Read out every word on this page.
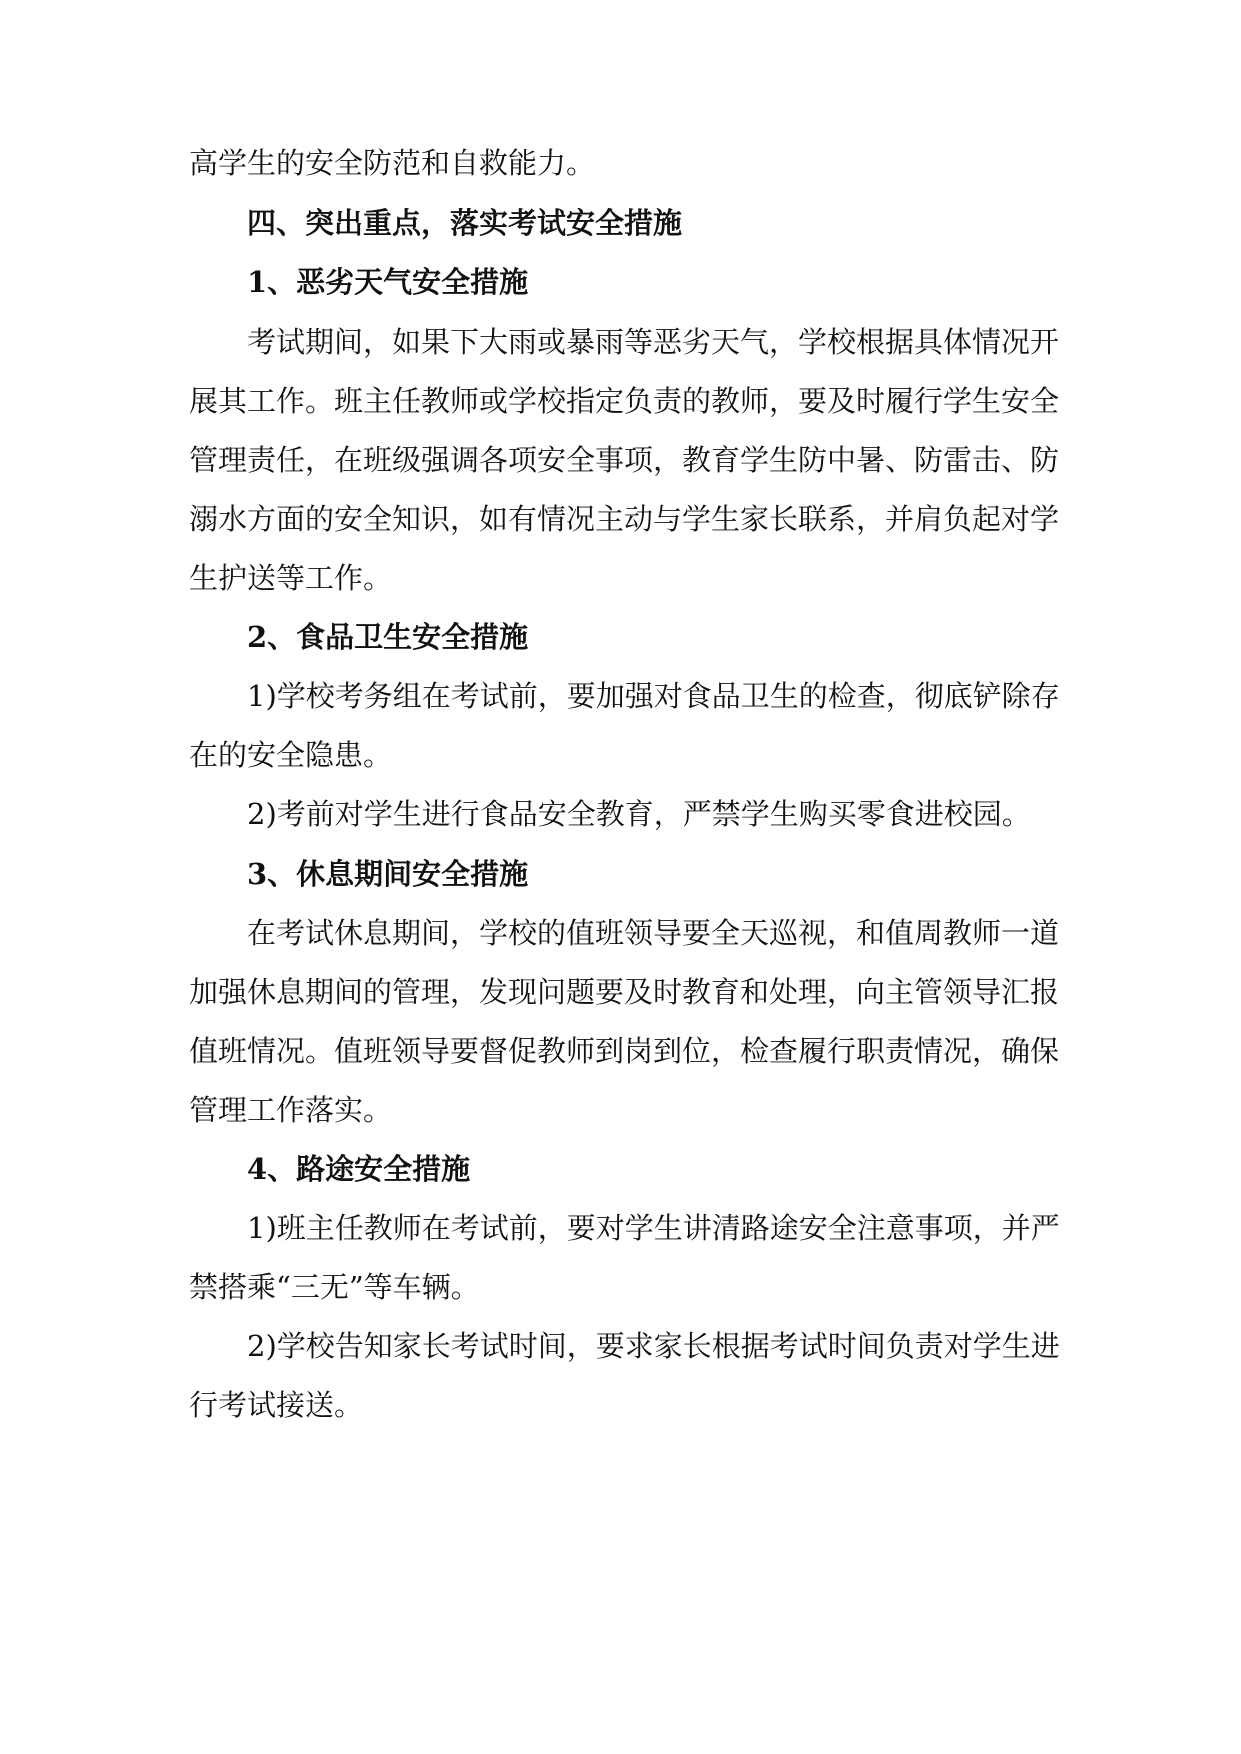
高学生的安全防范和自救能力。
四、突出重点，落实考试安全措施
1、恶劣天气安全措施
考试期间，如果下大雨或暴雨等恶劣天气，学校根据具体情况开
展其工作。班主任教师或学校指定负责的教师，要及时履行学生安全
管理责任，在班级强调各项安全事项，教育学生防中暑、防雷击、防
溺水方面的安全知识，如有情况主动与学生家长联系，并肩负起对学
生护送等工作。
2、食品卫生安全措施
1)学校考务组在考试前，要加强对食品卫生的检查，彻底铲除存
在的安全隐患。
2)考前对学生进行食品安全教育，严禁学生购买零食进校园。
3、休息期间安全措施
在考试休息期间，学校的值班领导要全天巡视，和值周教师一道
加强休息期间的管理，发现问题要及时教育和处理，向主管领导汇报
值班情况。值班领导要督促教师到岗到位，检查履行职责情况，确保
管理工作落实。
4、路途安全措施
1)班主任教师在考试前，要对学生讲清路途安全注意事项，并严
禁搭乘“三无”等车辆。
2)学校告知家长考试时间，要求家长根据考试时间负责对学生进
行考试接送。
